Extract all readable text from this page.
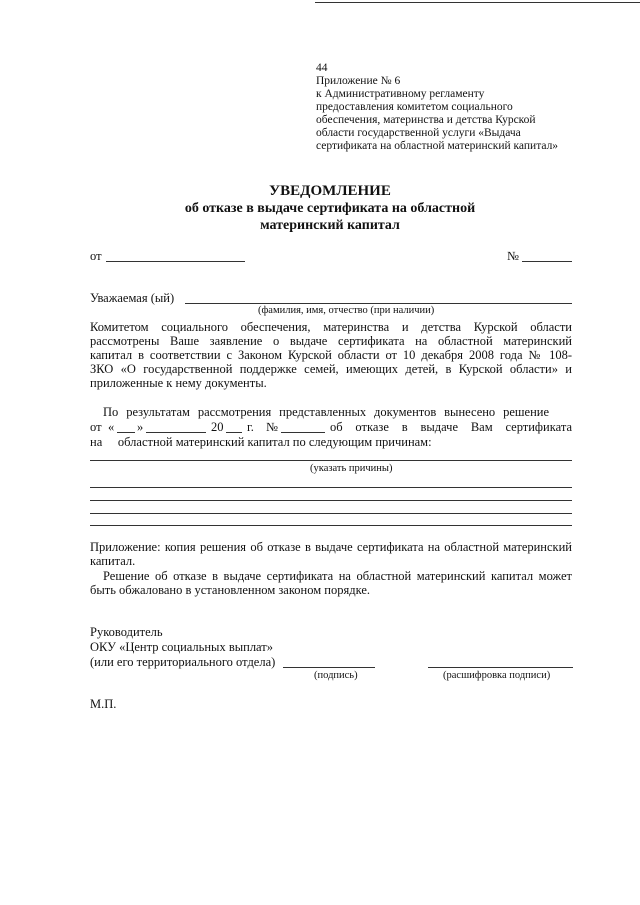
44
Приложение № 6
к Административному регламенту
предоставления комитетом социального
обеспечения, материнства и детства Курской
области государственной услуги «Выдача
сертификата на областной материнский капитал»
УВЕДОМЛЕНИЕ
об отказе в выдаче сертификата на областной
материнский капитал
от	№
Уважаемая (ый)
(фамилия, имя, отчество (при наличии)
Комитетом социального обеспечения, материнства и детства Курской области
рассмотрены Ваше заявление о выдаче сертификата на областной материнский
капитал в соответствии с Законом Курской области от 10 декабря 2008 года № 108-
ЗКО «О государственной поддержке семей, имеющих детей, в Курской области» и
приложенные к нему документы.
По результатам рассмотрения представленных документов вынесено решение
от « »	20 г. №	об отказе в выдаче Вам сертификата
на     областной материнский капитал по следующим причинам:
(указать причины)
Приложение: копия решения об отказе в выдаче сертификата на областной материнский
капитал.
Решение об отказе в выдаче сертификата на областной материнский капитал может
быть обжаловано в установленном законом порядке.
Руководитель
ОКУ «Центр социальных выплат»
(или его территориального отдела)
(подпись)	(расшифровка подписи)
М.П.
